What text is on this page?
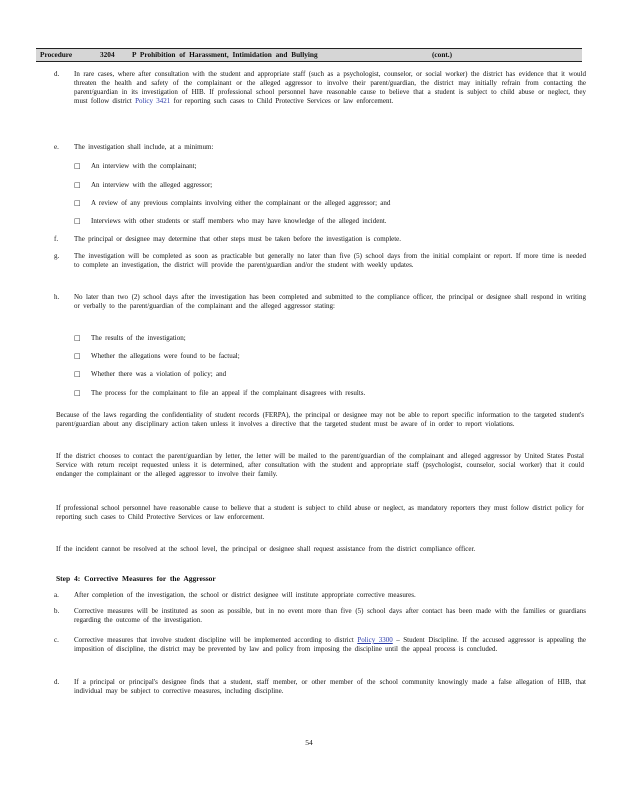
Procedure	3204 P Prohibition of Harassment, Intimidation and Bullying	(cont.)
d. In rare cases, where after consultation with the student and appropriate staff (such as a psychologist, counselor, or social worker) the district has evidence that it would threaten the health and safety of the complainant or the alleged aggressor to involve their parent/guardian, the district may initially refrain from contacting the parent/guardian in its investigation of HIB. If professional school personnel have reasonable cause to believe that a student is subject to child abuse or neglect, they must follow district Policy 3421 for reporting such cases to Child Protective Services or law enforcement.
e. The investigation shall include, at a minimum:
□ An interview with the complainant;
□ An interview with the alleged aggressor;
□ A review of any previous complaints involving either the complainant or the alleged aggressor; and
□ Interviews with other students or staff members who may have knowledge of the alleged incident.
f. The principal or designee may determine that other steps must be taken before the investigation is complete.
g. The investigation will be completed as soon as practicable but generally no later than five (5) school days from the initial complaint or report. If more time is needed to complete an investigation, the district will provide the parent/guardian and/or the student with weekly updates.
h. No later than two (2) school days after the investigation has been completed and submitted to the compliance officer, the principal or designee shall respond in writing or verbally to the parent/guardian of the complainant and the alleged aggressor stating:
□ The results of the investigation;
□ Whether the allegations were found to be factual;
□ Whether there was a violation of policy; and
□ The process for the complainant to file an appeal if the complainant disagrees with results.
Because of the laws regarding the confidentiality of student records (FERPA), the principal or designee may not be able to report specific information to the targeted student's parent/guardian about any disciplinary action taken unless it involves a directive that the targeted student must be aware of in order to report violations.
If the district chooses to contact the parent/guardian by letter, the letter will be mailed to the parent/guardian of the complainant and alleged aggressor by United States Postal Service with return receipt requested unless it is determined, after consultation with the student and appropriate staff (psychologist, counselor, social worker) that it could endanger the complainant or the alleged aggressor to involve their family.
If professional school personnel have reasonable cause to believe that a student is subject to child abuse or neglect, as mandatory reporters they must follow district policy for reporting such cases to Child Protective Services or law enforcement.
If the incident cannot be resolved at the school level, the principal or designee shall request assistance from the district compliance officer.
Step 4: Corrective Measures for the Aggressor
a. After completion of the investigation, the school or district designee will institute appropriate corrective measures.
b. Corrective measures will be instituted as soon as possible, but in no event more than five (5) school days after contact has been made with the families or guardians regarding the outcome of the investigation.
c. Corrective measures that involve student discipline will be implemented according to district Policy 3300 – Student Discipline. If the accused aggressor is appealing the imposition of discipline, the district may be prevented by law and policy from imposing the discipline until the appeal process is concluded.
d. If a principal or principal's designee finds that a student, staff member, or other member of the school community knowingly made a false allegation of HIB, that individual may be subject to corrective measures, including discipline.
54
